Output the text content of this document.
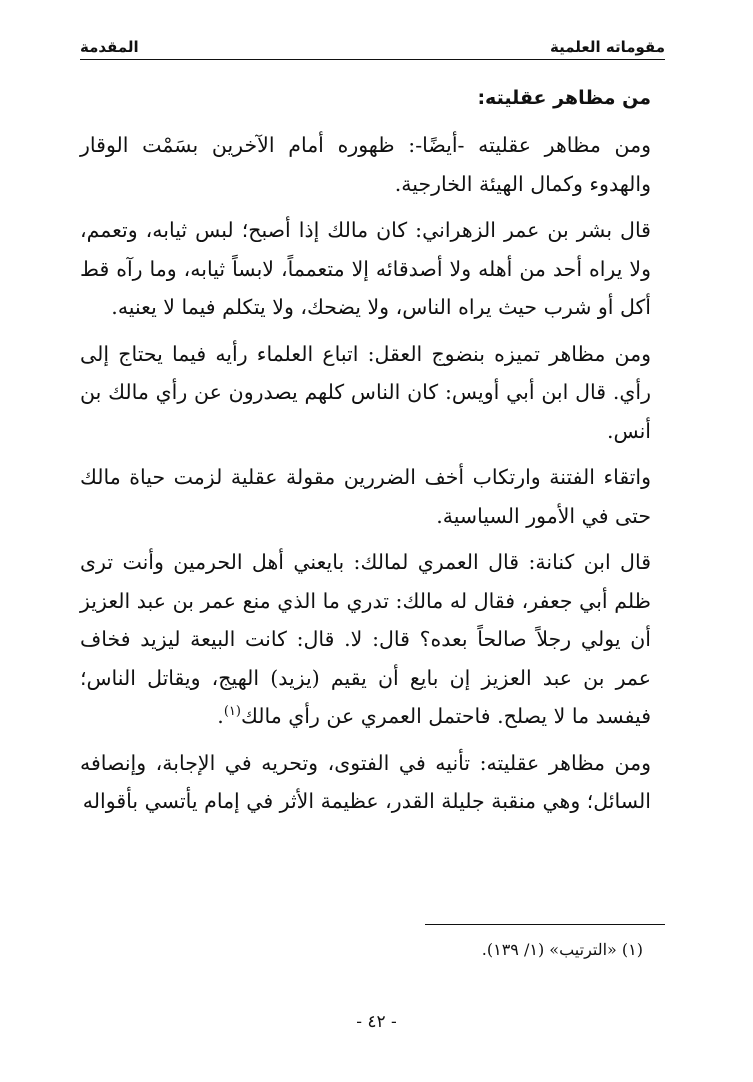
مقوماته العلمية
المقدمة
من مظاهر عقليته:

ومن مظاهر عقليته -أيضًا-: ظهوره أمام الآخرين بسَمْت الوقار والهدوء وكمال الهيئة الخارجية.

قال بشر بن عمر الزهراني: كان مالك إذا أصبح؛ لبس ثيابه، وتعمم، ولا يراه أحد من أهله ولا أصدقائه إلا متعمماً، لابساً ثيابه، وما رآه قط أكل أو شرب حيث يراه الناس، ولا يضحك، ولا يتكلم فيما لا يعنيه.

ومن مظاهر تميزه بنضوج العقل: اتباع العلماء رأيه فيما يحتاج إلى رأي. قال ابن أبي أويس: كان الناس كلهم يصدرون عن رأي مالك بن أنس.

واتقاء الفتنة وارتكاب أخف الضررين مقولة عقلية لزمت حياة مالك حتى في الأمور السياسية.

قال ابن كنانة: قال العمري لمالك: بايعني أهل الحرمين وأنت ترى ظلم أبي جعفر، فقال له مالك: تدري ما الذي منع عمر بن عبد العزيز أن يولي رجلاً صالحاً بعده؟ قال: لا. قال: كانت البيعة ليزيد فخاف عمر بن عبد العزيز إن بايع أن يقيم (يزيد) الهيج، ويقاتل الناس؛ فيفسد ما لا يصلح. فاحتمل العمري عن رأي مالك$^{(١)}$.

ومن مظاهر عقليته: تأنيه في الفتوى، وتحريه في الإجابة، وإنصافه السائل؛ وهي منقبة جليلة القدر، عظيمة الأثر في إمام يأتسي بأقواله

(١) «الترتيب» (١/ ١٣٩).
- ٤٢ -
